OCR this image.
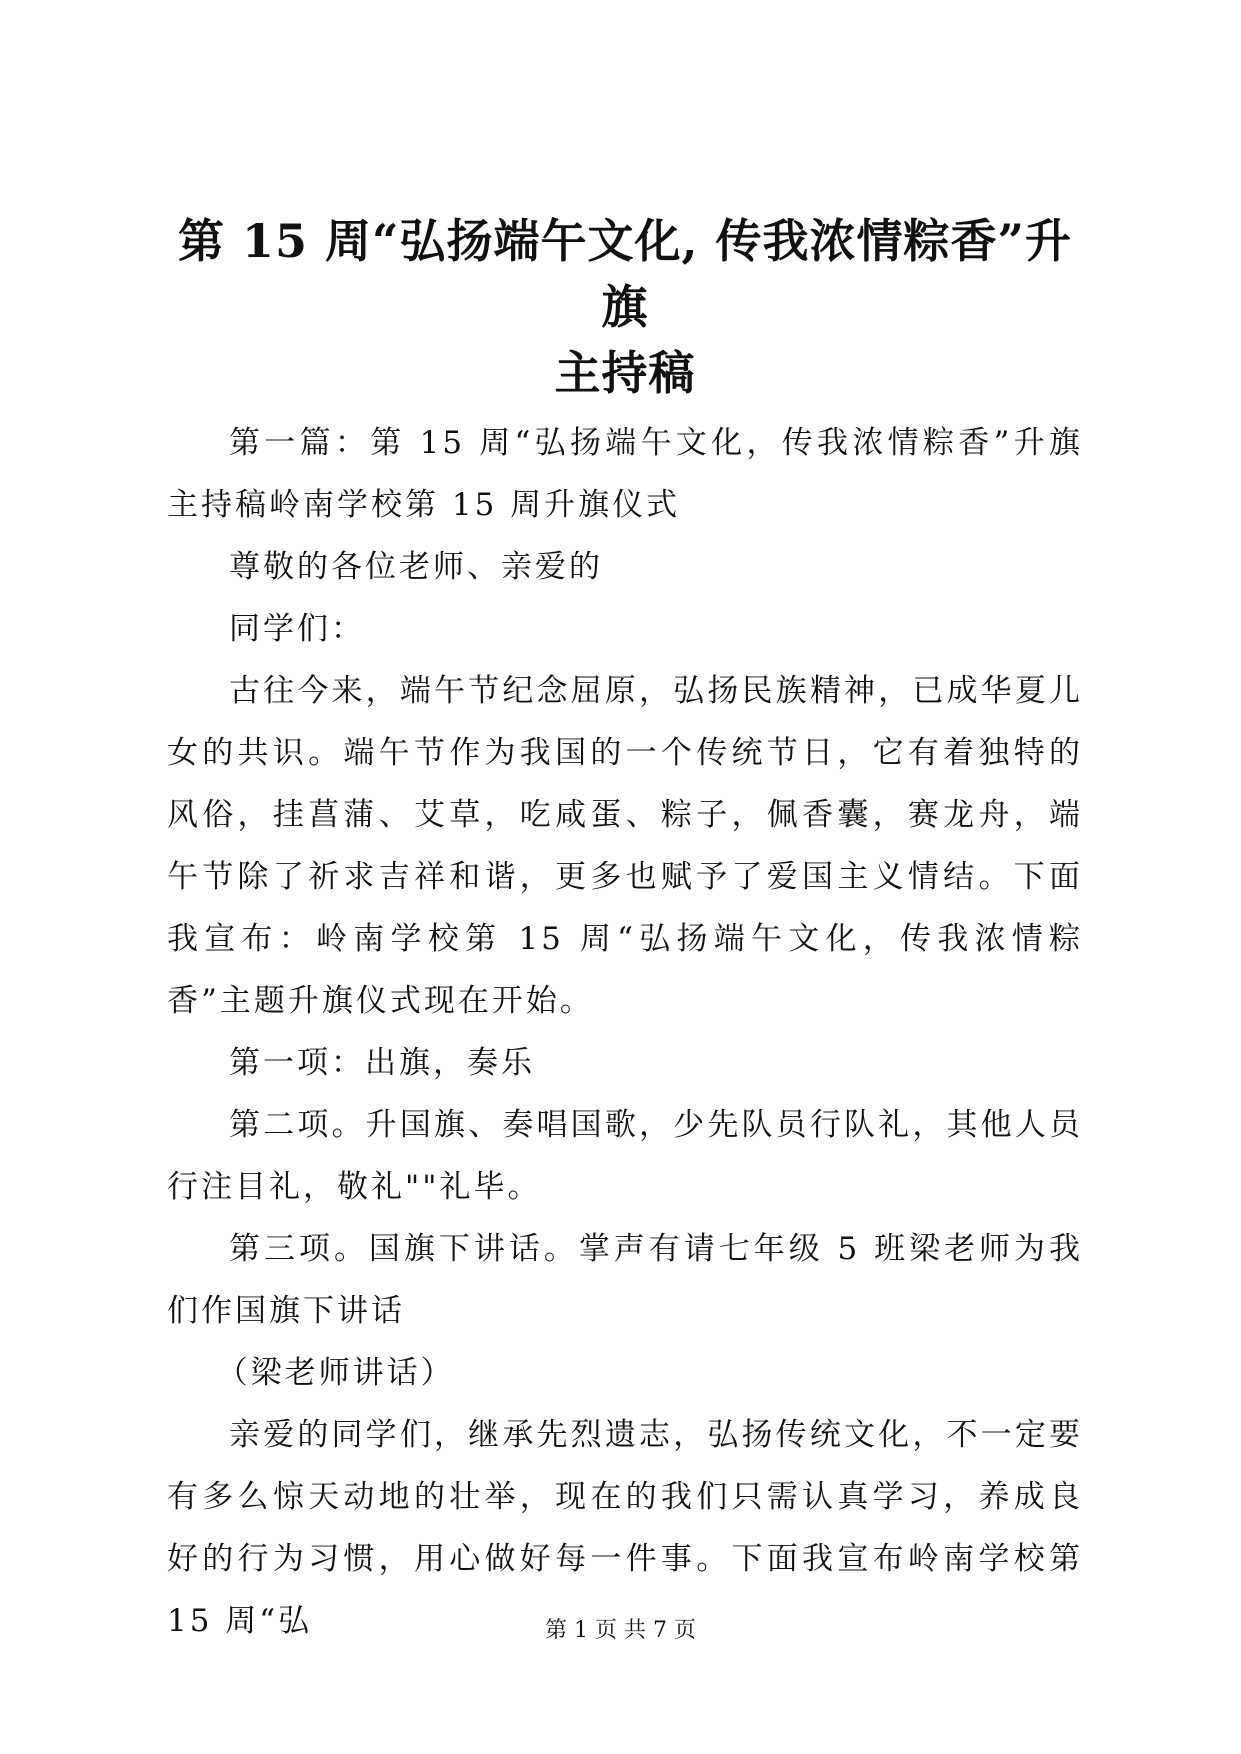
第 15 周“弘扬端午文化, 传我浓情粽香”升旗
主持稿

第一篇：第 15 周“弘扬端午文化，传我浓情粽香”升旗主持稿岭南学校第 15 周升旗仪式

尊敬的各位老师、亲爱的

同学们：

古往今来，端午节纪念屈原，弘扬民族精神，已成华夏儿女的共识。端午节作为我国的一个传统节日，它有着独特的风俗，挂菖蒲、艾草，吃咸蛋、粽子，佩香囊，赛龙舟，端午节除了祈求吉祥和谐，更多也赋予了爱国主义情结。下面我宣布：岭南学校第 15 周“弘扬端午文化，传我浓情粽香”主题升旗仪式现在开始。

第一项：出旗，奏乐

第二项。升国旗、奏唱国歌，少先队员行队礼，其他人员行注目礼，敬礼""礼毕。

第三项。国旗下讲话。掌声有请七年级 5 班梁老师为我们作国旗下讲话

（梁老师讲话）

亲爱的同学们，继承先烈遗志，弘扬传统文化，不一定要有多么惊天动地的壮举，现在的我们只需认真学习，养成良好的行为习惯，用心做好每一件事。下面我宣布岭南学校第 15 周“弘	第 1 页 共 7 页
